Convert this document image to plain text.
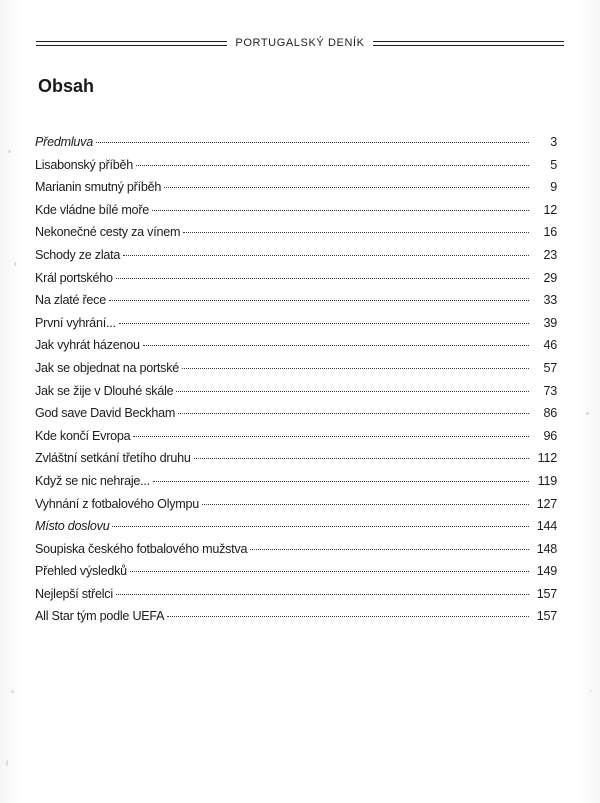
PORTUGALSKÝ DENÍK
Obsah
Předmluva	3
Lisabonský příběh	5
Marianin smutný příběh	9
Kde vládne bílé moře	12
Nekonečné cesty za vínem	16
Schody ze zlata	23
Král portského	29
Na zlaté řece	33
První vyhrání...	39
Jak vyhrát házenou	46
Jak se objednat na portské	57
Jak se žije v Dlouhé skále	73
God save David Beckham	86
Kde končí Evropa	96
Zvláštní setkání třetího druhu	112
Když se nic nehraje...	119
Vyhnání z fotbalového Olympu	127
Místo doslovu	144
Soupiska českého fotbalového mužstva	148
Přehled výsledků	149
Nejlepší střelci	157
All Star tým podle UEFA	157
